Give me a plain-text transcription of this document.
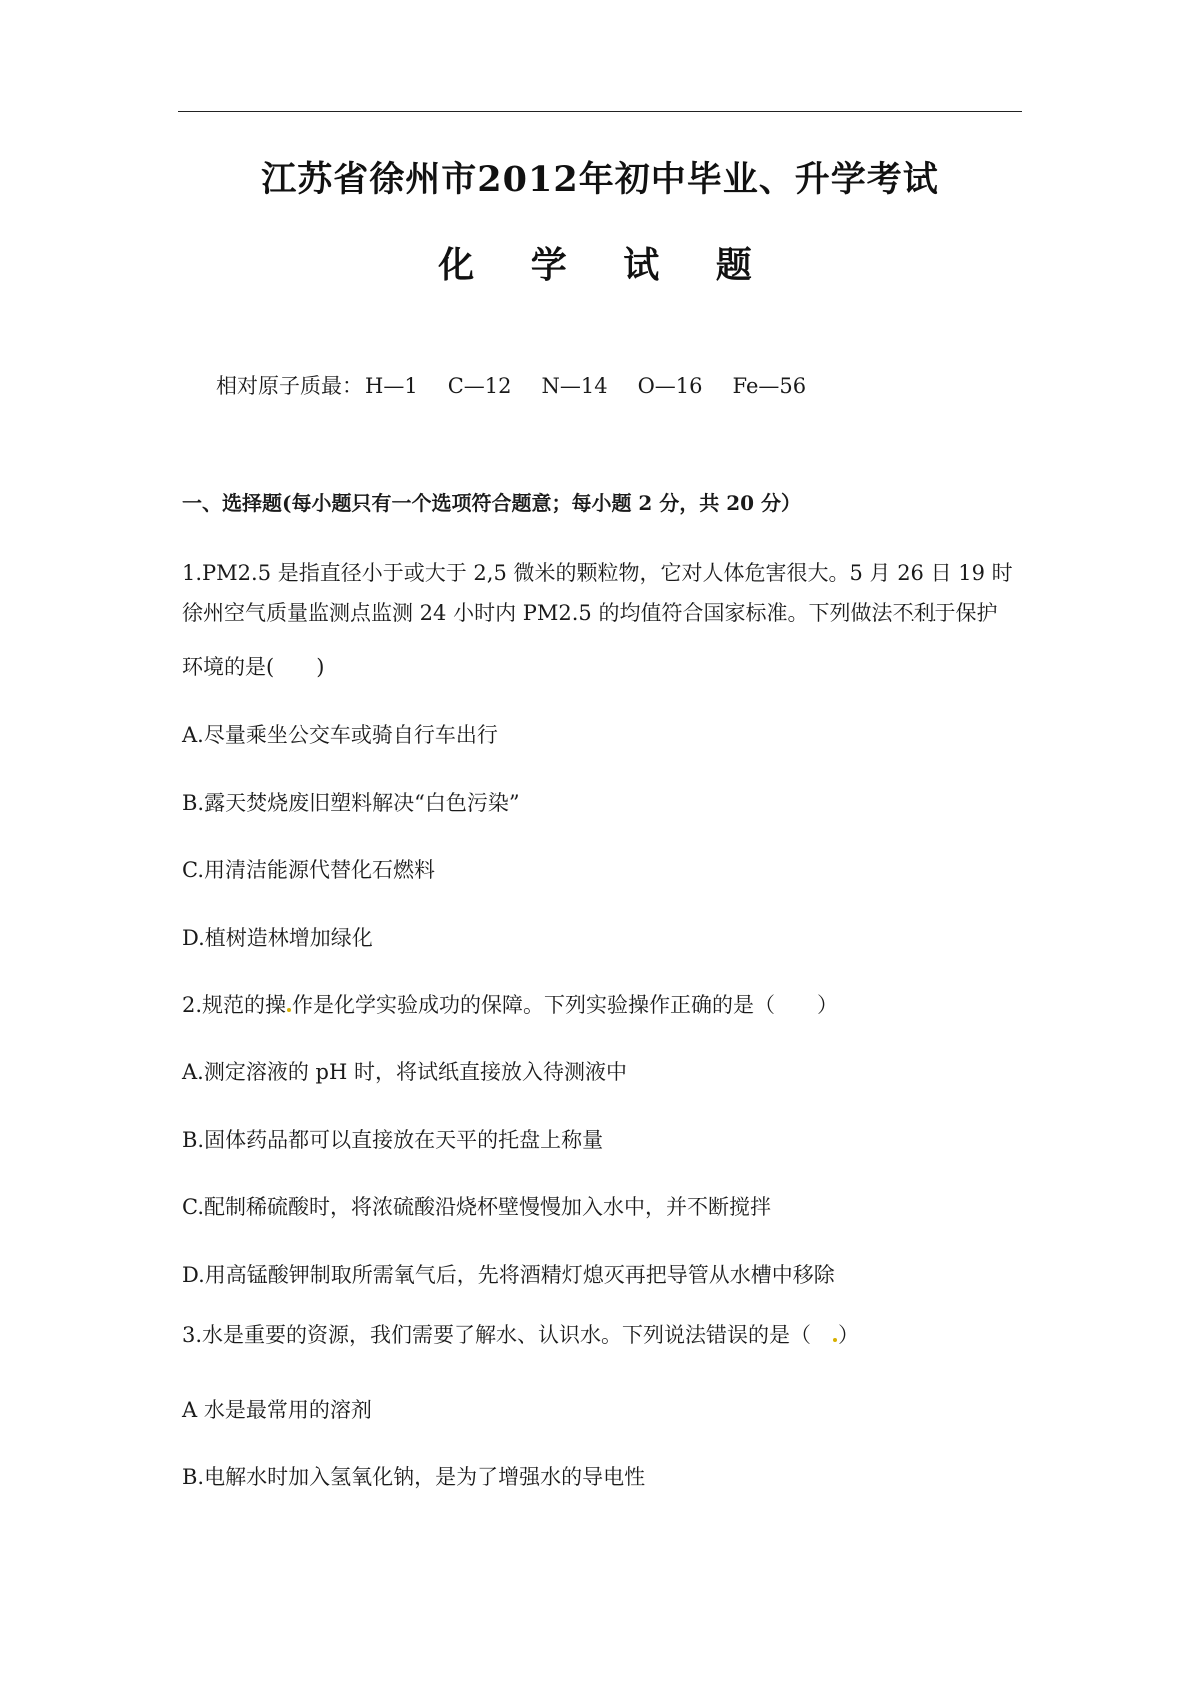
江苏省徐州市2012年初中毕业、升学考试
化 学 试 题
相对原子质最：H—1 C—12 N—14 O—16 Fe—56
一、选择题(每小题只有一个选项符合题意；每小题 2 分，共 20 分）
1.PM2.5 是指直径小于或大于 2,5 微米的颗粒物，它对人体危害很大。5 月 26 日 19 时
徐州空气质量监测点监测 24 小时内 PM2.5 的均值符合国家标准。下列做法不利于 · · ·保护
环境的是(　　)
A.尽量乘坐公交车或骑自行车出行
B.露天焚烧废旧塑料解决“白色污染”
C.用清洁能源代替化石燃料
D.植树造林增加绿化
2.规范的操 作是化学实验成功的保障。下列实验操作正确的是（　　）
A.测定溶液的 pH 时，将试纸直接放入待测液中
B.固体药品都可以直接放在天平的托盘上称量
C.配制稀硫酸时，将浓硫酸沿烧杯壁慢慢加入水中，并不断搅拌
D.用高锰酸钾制取所需氧气后，先将酒精灯熄灭再把导管从水槽中移除
3.水是重要的资源，我们需要了解水、认识水。下列说法错误 · ·的是（　）
A 水是最常用的溶剂
B.电解水时加入氢氧化钠，是为了增强水的导电性
